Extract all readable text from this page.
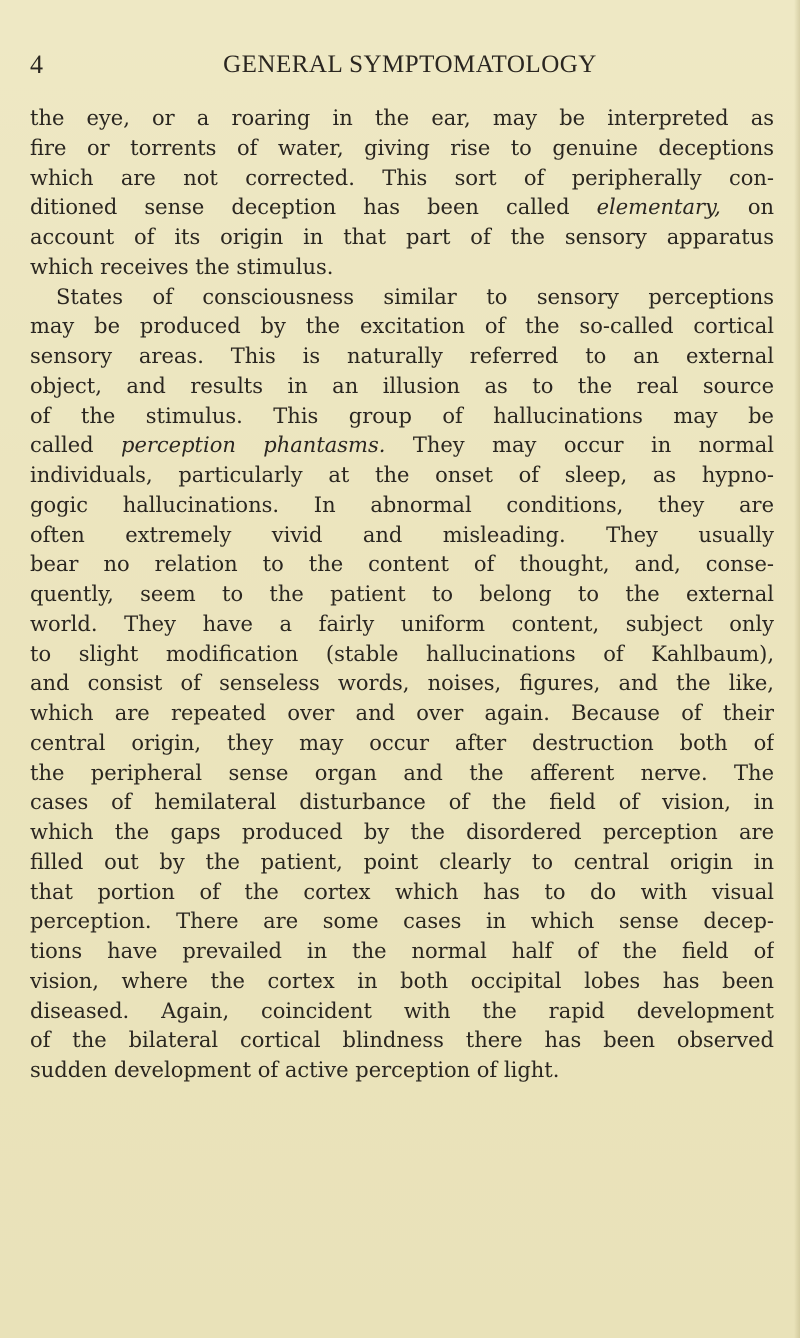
4	GENERAL SYMPTOMATOLOGY
the eye, or a roaring in the ear, may be interpreted as
fire or torrents of water, giving rise to genuine deceptions
which are not corrected. This sort of peripherally con-
ditioned sense deception has been called elementary, on
account of its origin in that part of the sensory apparatus
which receives the stimulus.
States of consciousness similar to sensory perceptions
may be produced by the excitation of the so-called cortical
sensory areas. This is naturally referred to an external
object, and results in an illusion as to the real source
of the stimulus. This group of hallucinations may be
called perception phantasms. They may occur in normal
individuals, particularly at the onset of sleep, as hypno-
gogic hallucinations. In abnormal conditions, they are
often extremely vivid and misleading. They usually
bear no relation to the content of thought, and, conse-
quently, seem to the patient to belong to the external
world. They have a fairly uniform content, subject only
to slight modification (stable hallucinations of Kahlbaum),
and consist of senseless words, noises, figures, and the like,
which are repeated over and over again. Because of their
central origin, they may occur after destruction both of
the peripheral sense organ and the afferent nerve. The
cases of hemilateral disturbance of the field of vision, in
which the gaps produced by the disordered perception are
filled out by the patient, point clearly to central origin in
that portion of the cortex which has to do with visual
perception. There are some cases in which sense decep-
tions have prevailed in the normal half of the field of
vision, where the cortex in both occipital lobes has been
diseased. Again, coincident with the rapid development
of the bilateral cortical blindness there has been observed
sudden development of active perception of light.
